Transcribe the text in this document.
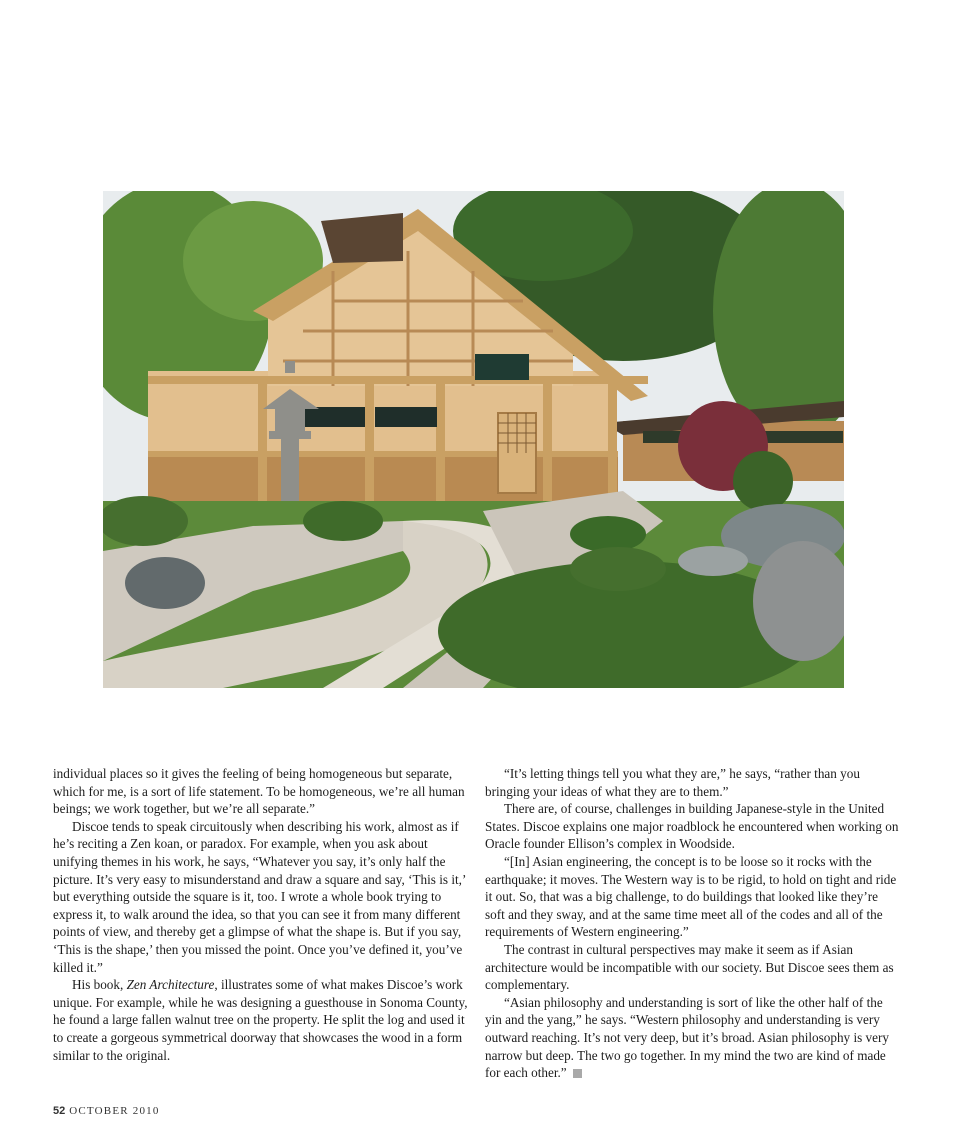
individual places so it gives the feeling of being homogeneous but separate, which for me, is a sort of life statement. To be homogeneous, we’re all human beings; we work together, but we’re all separate.”

Discoe tends to speak circuitously when describing his work, almost as if he’s reciting a Zen koan, or paradox. For example, when you ask about unifying themes in his work, he says, “Whatever you say, it’s only half the picture. It’s very easy to misunderstand and draw a square and say, ‘This is it,’ but everything outside the square is it, too. I wrote a whole book trying to express it, to walk around the idea, so that you can see it from many different points of view, and thereby get a glimpse of what the shape is. But if you say, ‘This is the shape,’ then you missed the point. Once you’ve defined it, you’ve killed it.”

His book, Zen Architecture, illustrates some of what makes Discoe’s work unique. For example, while he was designing a guesthouse in Sonoma County, he found a large fallen walnut tree on the property. He split the log and used it to create a gorgeous symmetrical doorway that showcases the wood in a form similar to the original.

“It’s letting things tell you what they are,” he says, “rather than you bringing your ideas of what they are to them.”

There are, of course, challenges in building Japanese-style in the United States. Discoe explains one major roadblock he encountered when working on Oracle founder Ellison’s complex in Woodside.

“[In] Asian engineering, the concept is to be loose so it rocks with the earthquake; it moves. The Western way is to be rigid, to hold on tight and ride it out. So, that was a big challenge, to do buildings that looked like they’re soft and they sway, and at the same time meet all of the codes and all of the requirements of Western engineering.”

The contrast in cultural perspectives may make it seem as if Asian architecture would be incompatible with our society. But Discoe sees them as complementary.

“Asian philosophy and understanding is sort of like the other half of the yin and the yang,” he says. “Western philosophy and understanding is very outward reaching. It’s not very deep, but it’s broad. Asian philosophy is very narrow but deep. The two go together. In my mind the two are kind of made for each other.”

52 OCTOBER 2010
